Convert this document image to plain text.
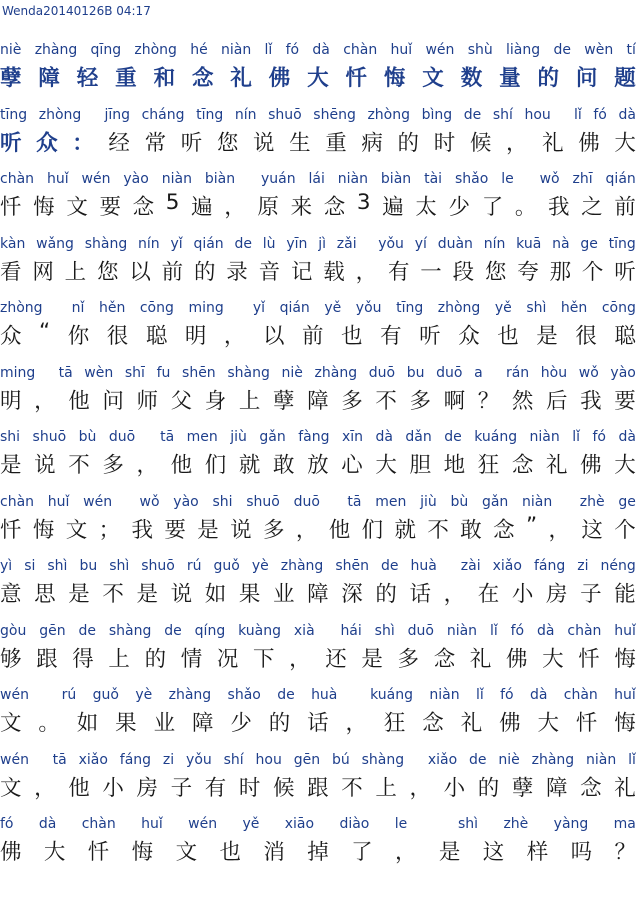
Wenda20140126B 04:17
niè zhàng qīng zhòng hé niàn lǐ fó dà chàn huǐ wén shù liàng de wèn tí
孽 障 轻 重 和 念 礼 佛 大 忏 悔 文 数 量 的 问 题
tīng zhòng jīng cháng tīng nín shuō shēng zhòng bìng de shí hou lǐ fó dà
听 众 ： 经 常 听 您 说 生 重 病 的 时 候 ， 礼 佛 大
chàn huǐ wén yào niàn biàn yuán lái niàn biàn tài shǎo le wǒ zhī qián
忏 悔 文 要 念 5 遍 ， 原 来 念 3 遍 太 少 了 。 我 之 前
kàn wǎng shàng nín yǐ qián de lù yīn jì zǎi yǒu yí duàn nín kuā nà ge tīng
看 网 上 您 以 前 的 录 音 记 载 ， 有 一 段 您 夸 那 个 听
zhòng nǐ hěn cōng ming yǐ qián yě yǒu tīng zhòng yě shì hěn cōng
众 “ 你 很 聪 明 ， 以 前 也 有 听 众 也 是 很 聪
ming tā wèn shī fu shēn shàng niè zhàng duō bu duō a rán hòu wǒ yào
明 ， 他 问 师 父 身 上 孽 障 多 不 多 啊 ？ 然 后 我 要
shi shuō bù duō tā men jiù gǎn fàng xīn dà dǎn de kuáng niàn lǐ fó dà
是 说 不 多 ， 他 们 就 敢 放 心 大 胆 地 狂 念 礼 佛 大
chàn huǐ wén wǒ yào shi shuō duō tā men jiù bù gǎn niàn zhè ge
忏 悔 文 ； 我 要 是 说 多 ， 他 们 就 不 敢 念 ” ， 这 个
yì si shì bu shì shuō rú guǒ yè zhàng shēn de huà zài xiǎo fáng zi néng
意 思 是 不 是 说 如 果 业 障 深 的 话 ， 在 小 房 子 能
gòu gēn de shàng de qíng kuàng xià hái shì duō niàn lǐ fó dà chàn huǐ
够 跟 得 上 的 情 况 下 ， 还 是 多 念 礼 佛 大 忏 悔
wén rú guǒ yè zhàng shǎo de huà kuáng niàn lǐ fó dà chàn huǐ
文 。 如 果 业 障 少 的 话 ， 狂 念 礼 佛 大 忏 悔
wén tā xiǎo fáng zi yǒu shí hou gēn bú shàng xiǎo de niè zhàng niàn lǐ
文 ， 他 小 房 子 有 时 候 跟 不 上 ， 小 的 孽 障 念 礼
fó dà chàn huǐ wén yě xiāo diào le	shì zhè yàng ma
佛 大 忏 悔 文 也 消 掉 了 ， 是 这 样 吗 ？
